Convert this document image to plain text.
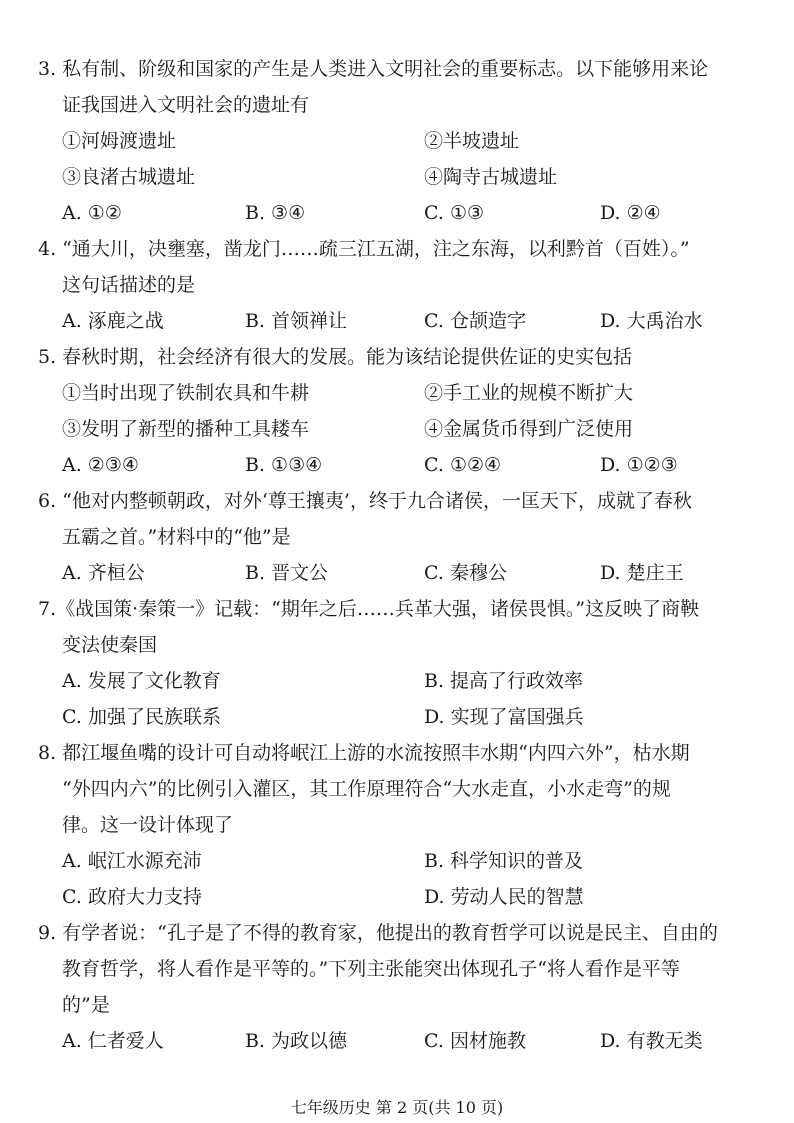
3. 私有制、阶级和国家的产生是人类进入文明社会的重要标志。以下能够用来论
证我国进入文明社会的遗址有
①河姆渡遗址	②半坡遗址
③良渚古城遗址	④陶寺古城遗址
A. ①②	B. ③④	C. ①③	D. ②④
4. “通大川，决壅塞，凿龙门……疏三江五湖，注之东海，以利黔首（百姓）。”
这句话描述的是
A. 涿鹿之战	B. 首领禅让	C. 仓颉造字	D. 大禹治水
5. 春秋时期，社会经济有很大的发展。能为该结论提供佐证的史实包括
①当时出现了铁制农具和牛耕	②手工业的规模不断扩大
③发明了新型的播种工具耧车	④金属货币得到广泛使用
A. ②③④	B. ①③④	C. ①②④	D. ①②③
6. “他对内整顿朝政，对外‘尊王攘夷’，终于九合诸侯，一匡天下，成就了春秋
五霸之首。”材料中的“他”是
A. 齐桓公	B. 晋文公	C. 秦穆公	D. 楚庄王
7.《战国策·秦策一》记载：“期年之后……兵革大强，诸侯畏惧。”这反映了商鞅
变法使秦国
A. 发展了文化教育	B. 提高了行政效率
C. 加强了民族联系	D. 实现了富国强兵
8. 都江堰鱼嘴的设计可自动将岷江上游的水流按照丰水期“内四六外”，枯水期
“外四内六”的比例引入灌区，其工作原理符合“大水走直，小水走弯”的规
律。这一设计体现了
A. 岷江水源充沛	B. 科学知识的普及
C. 政府大力支持	D. 劳动人民的智慧
9. 有学者说：“孔子是了不得的教育家，他提出的教育哲学可以说是民主、自由的
教育哲学，将人看作是平等的。”下列主张能突出体现孔子“将人看作是平等
的”是
A. 仁者爱人	B. 为政以德	C. 因材施教	D. 有教无类
七年级历史 第 2 页(共 10 页)
